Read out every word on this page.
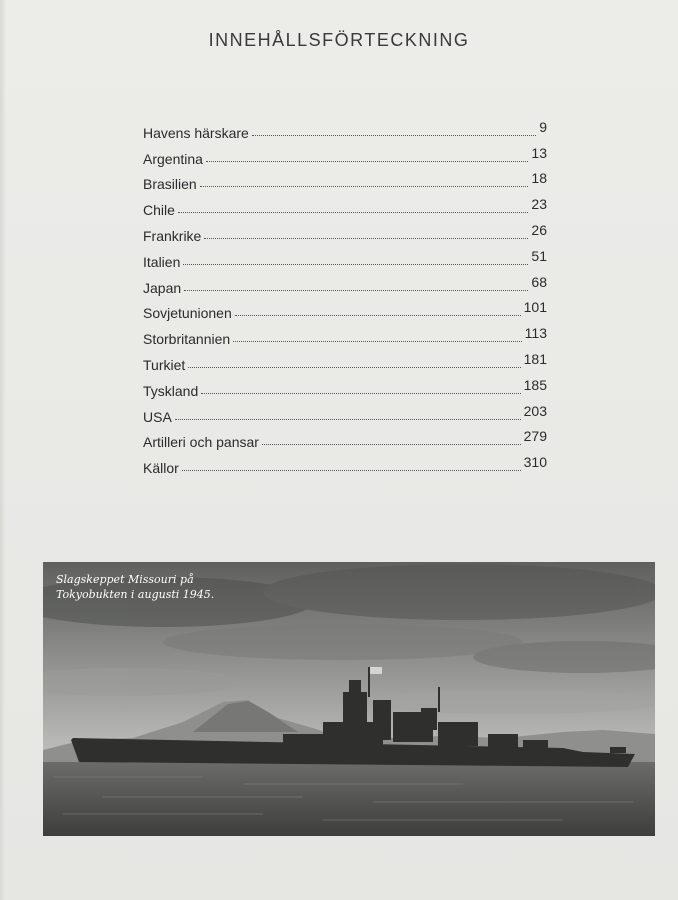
INNEHÅLLSFÖRTECKNING
Havens härskare	9
Argentina	13
Brasilien	18
Chile	23
Frankrike	26
Italien	51
Japan	68
Sovjetunionen	101
Storbritannien	113
Turkiet	181
Tyskland	185
USA	203
Artilleri och pansar	279
Källor	310
Slagskeppet Missouri på
Tokyobukten i augusti 1945.
